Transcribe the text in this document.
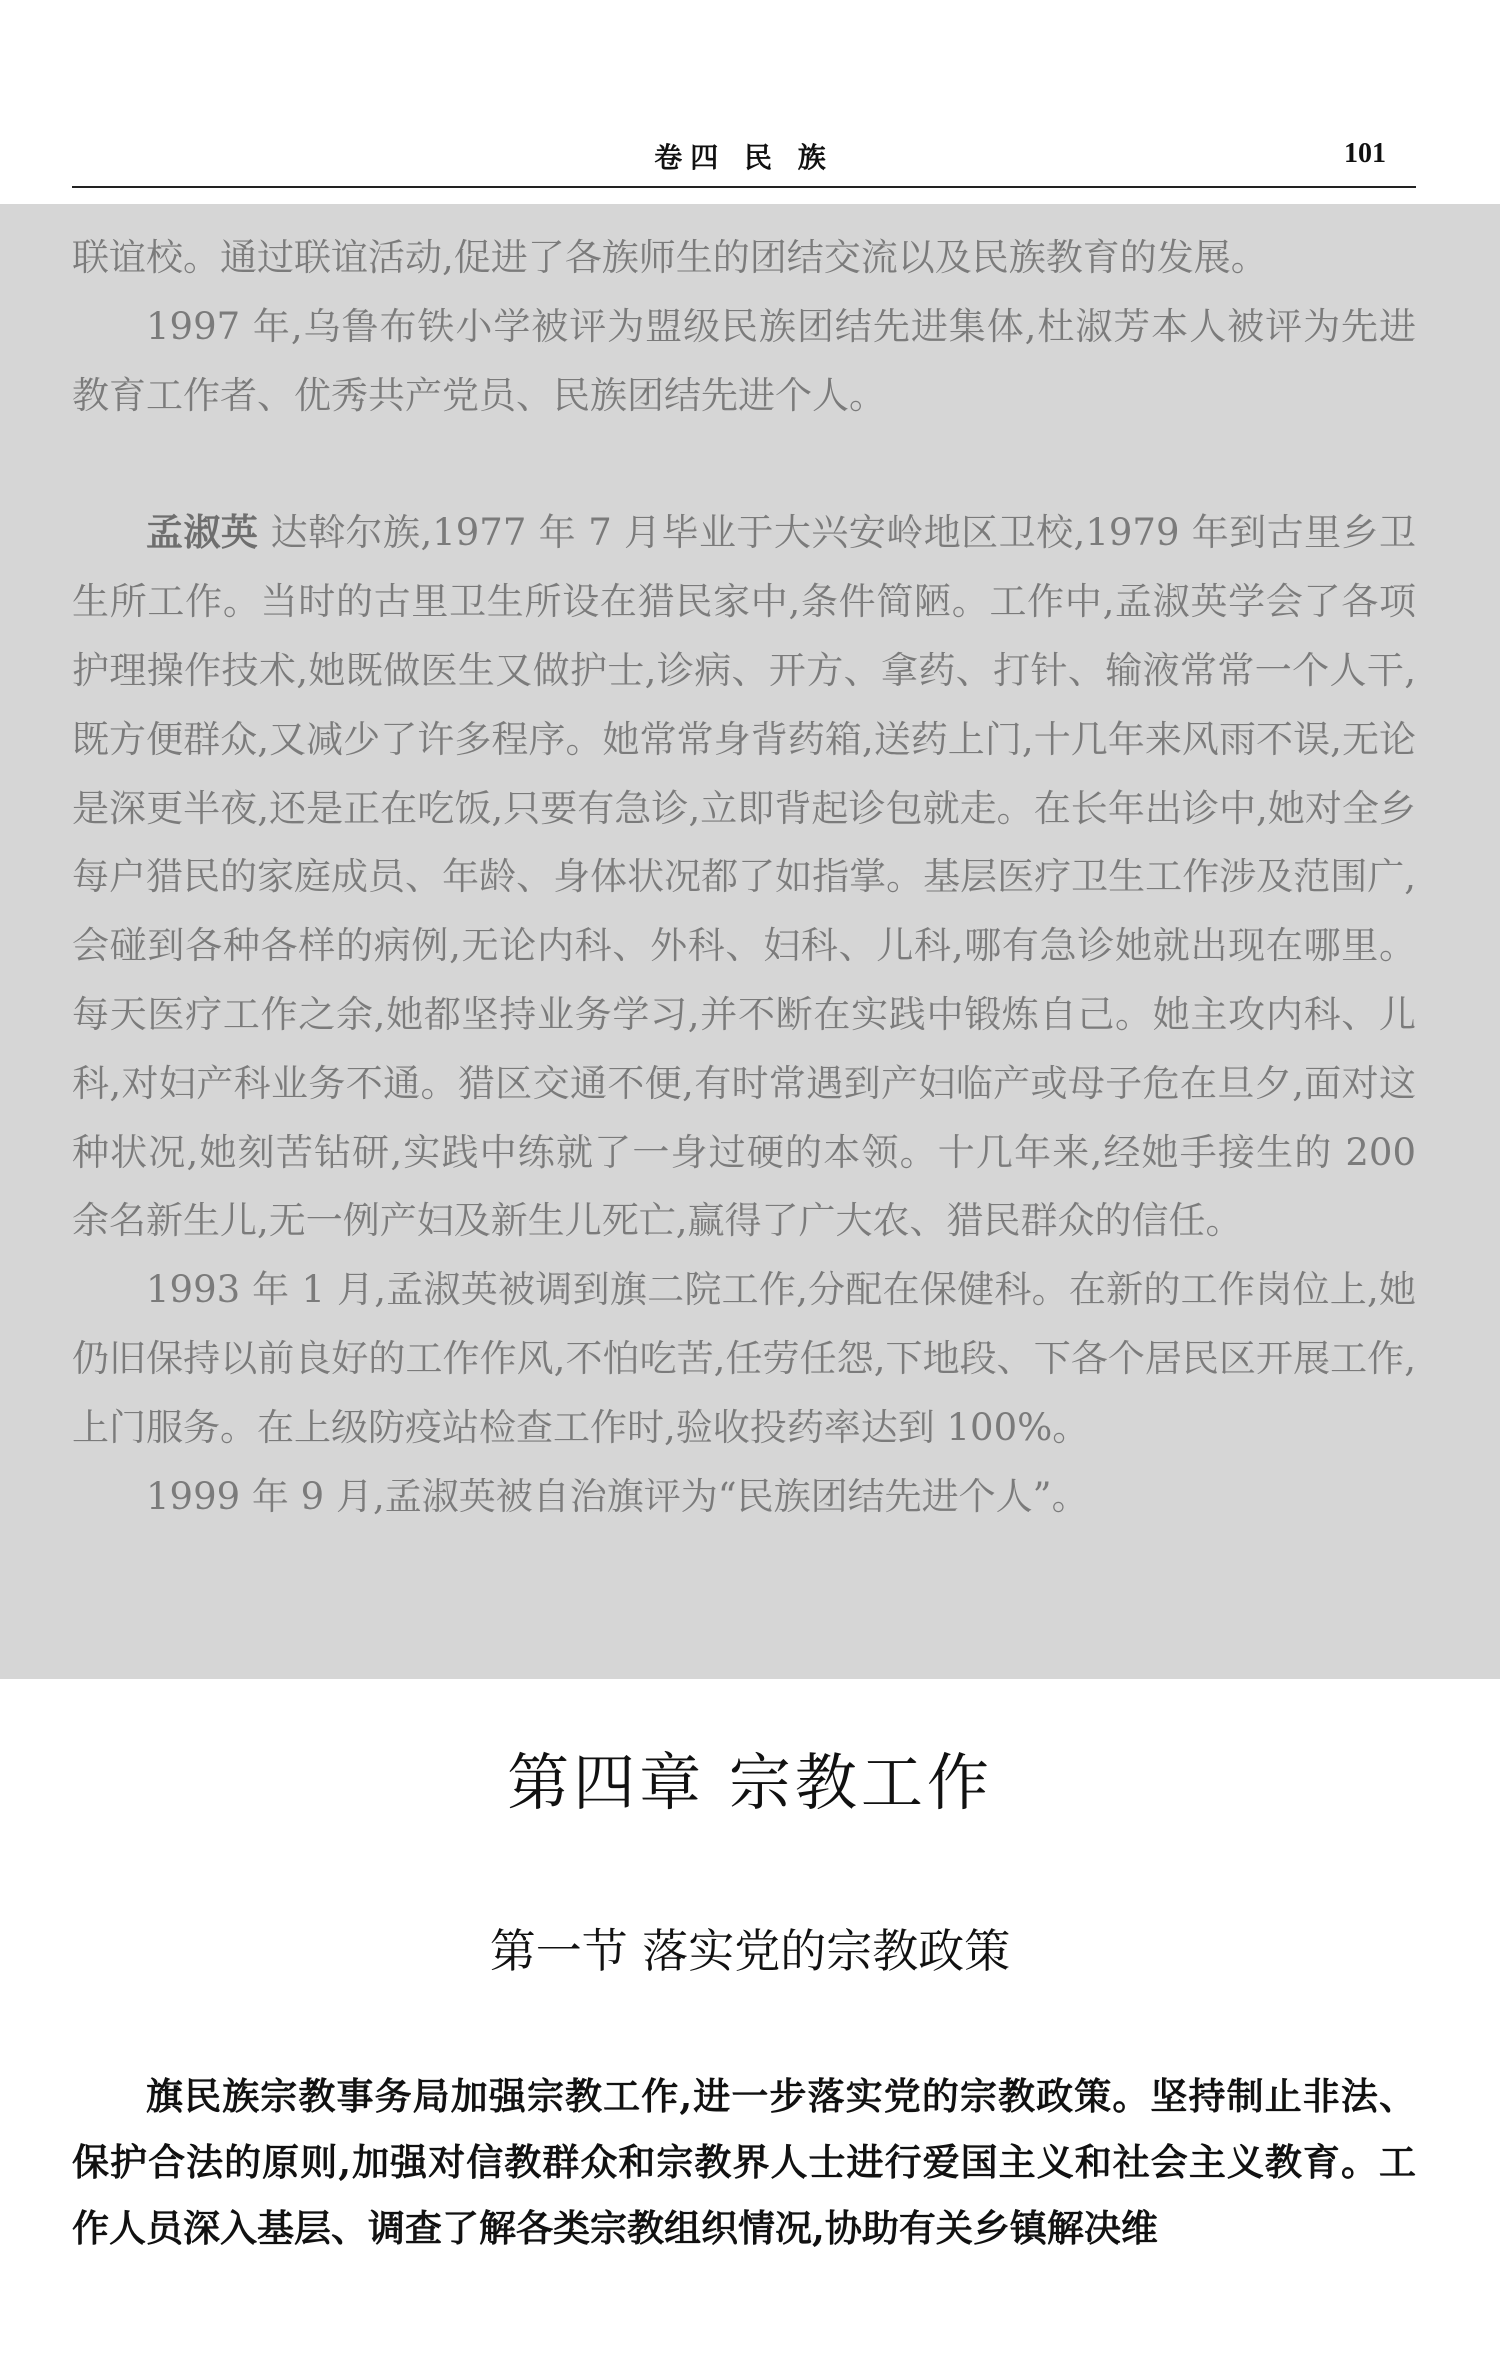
卷四 民 族	101

联谊校。通过联谊活动,促进了各族师生的团结交流以及民族教育的发展。

1997 年,乌鲁布铁小学被评为盟级民族团结先进集体,杜淑芳本人被评为先进教育工作者、优秀共产党员、民族团结先进个人。

孟淑英 达斡尔族,1977 年 7 月毕业于大兴安岭地区卫校,1979 年到古里乡卫生所工作。当时的古里卫生所设在猎民家中,条件简陋。工作中,孟淑英学会了各项护理操作技术,她既做医生又做护士,诊病、开方、拿药、打针、输液常常一个人干,既方便群众,又减少了许多程序。她常常身背药箱,送药上门,十几年来风雨不误,无论是深更半夜,还是正在吃饭,只要有急诊,立即背起诊包就走。在长年出诊中,她对全乡每户猎民的家庭成员、年龄、身体状况都了如指掌。基层医疗卫生工作涉及范围广,会碰到各种各样的病例,无论内科、外科、妇科、儿科,哪有急诊她就出现在哪里。每天医疗工作之余,她都坚持业务学习,并不断在实践中锻炼自己。她主攻内科、儿科,对妇产科业务不通。猎区交通不便,有时常遇到产妇临产或母子危在旦夕,面对这种状况,她刻苦钻研,实践中练就了一身过硬的本领。十几年来,经她手接生的 200 余名新生儿,无一例产妇及新生儿死亡,赢得了广大农、猎民群众的信任。

1993 年 1 月,孟淑英被调到旗二院工作,分配在保健科。在新的工作岗位上,她仍旧保持以前良好的工作作风,不怕吃苦,任劳任怨,下地段、下各个居民区开展工作,上门服务。在上级防疫站检查工作时,验收投药率达到 100%。

1999 年 9 月,孟淑英被自治旗评为“民族团结先进个人”。

第四章 宗教工作
第一节 落实党的宗教政策

旗民族宗教事务局加强宗教工作,进一步落实党的宗教政策。坚持制止非法、保护合法的原则,加强对信教群众和宗教界人士进行爱国主义和社会主义教育。工作人员深入基层、调查了解各类宗教组织情况,协助有关乡镇解决维
